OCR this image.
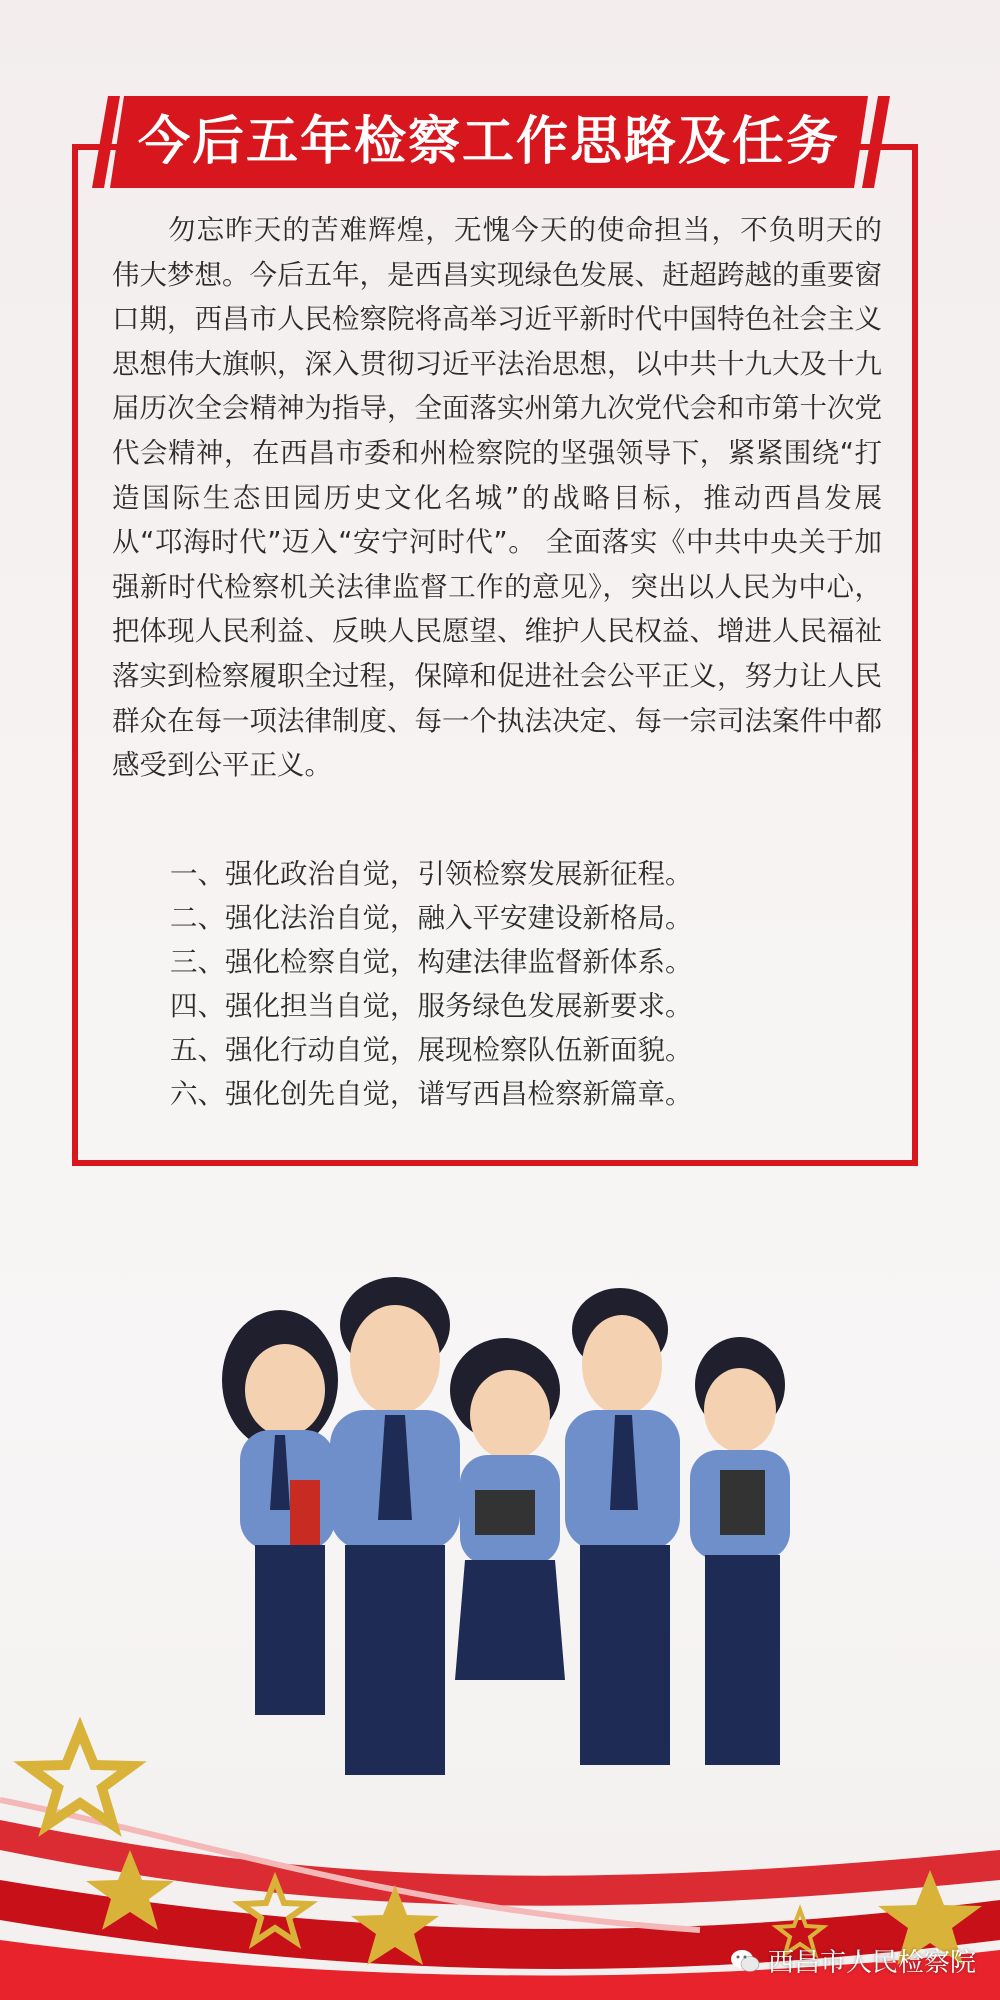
今后五年检察工作思路及任务

勿忘昨天的苦难辉煌，无愧今天的使命担当，不负明天的伟大梦想。今后五年，是西昌实现绿色发展、赶超跨越的重要窗口期，西昌市人民检察院将高举习近平新时代中国特色社会主义思想伟大旗帜，深入贯彻习近平法治思想，以中共十九大及十九届历次全会精神为指导，全面落实州第九次党代会和市第十次党代会精神，在西昌市委和州检察院的坚强领导下，紧紧围绕“打造国际生态田园历史文化名城”的战略目标，推动西昌发展从“邛海时代”迈入“安宁河时代”。 全面落实《中共中央关于加强新时代检察机关法律监督工作的意见》，突出以人民为中心，把体现人民利益、反映人民愿望、维护人民权益、增进人民福祉落实到检察履职全过程，保障和促进社会公平正义，努力让人民群众在每一项法律制度、每一个执法决定、每一宗司法案件中都感受到公平正义。

一、强化政治自觉，引领检察发展新征程。
二、强化法治自觉，融入平安建设新格局。
三、强化检察自觉，构建法律监督新体系。
四、强化担当自觉，服务绿色发展新要求。
五、强化行动自觉，展现检察队伍新面貌。
六、强化创先自觉，谱写西昌检察新篇章。
西昌市人民检察院
